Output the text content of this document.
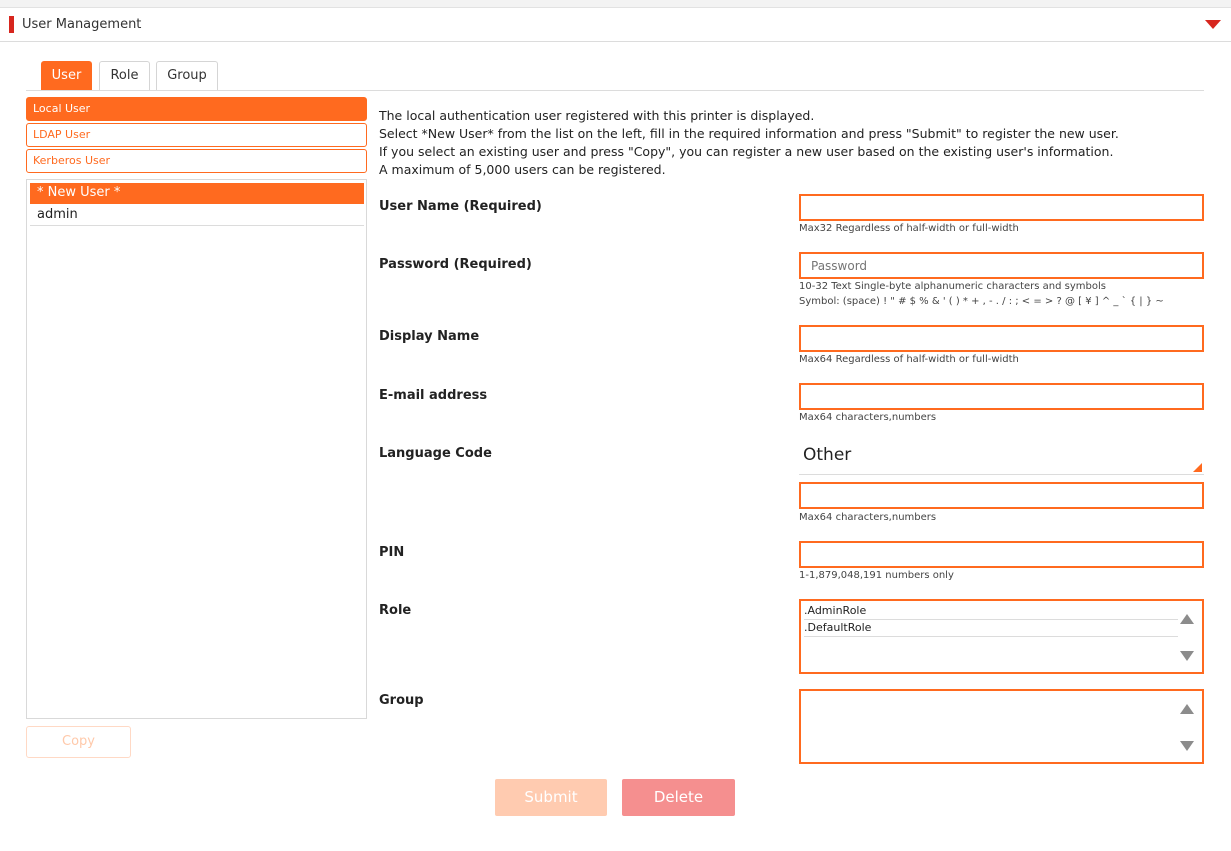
User Management
User	Role	Group
Local User
LDAP User
Kerberos User
* New User *
admin
Copy
The local authentication user registered with this printer is displayed.
Select *New User* from the list on the left, fill in the required information and press "Submit" to register the new user.
If you select an existing user and press "Copy", you can register a new user based on the existing user's information.
A maximum of 5,000 users can be registered.
User Name (Required)
Max32 Regardless of half-width or full-width
Password (Required)
10-32 Text Single-byte alphanumeric characters and symbols
Symbol: (space) ! " # $ % & ' ( ) * + , - . / : ; < = > ? @ [ ¥ ] ^ _ ` { | } ~
Display Name
Max64 Regardless of half-width or full-width
E-mail address
Max64 characters,numbers
Language Code	Other
Max64 characters,numbers
PIN
1-1,879,048,191 numbers only
Role	.AdminRole
.DefaultRole
Group
Submit	Delete
